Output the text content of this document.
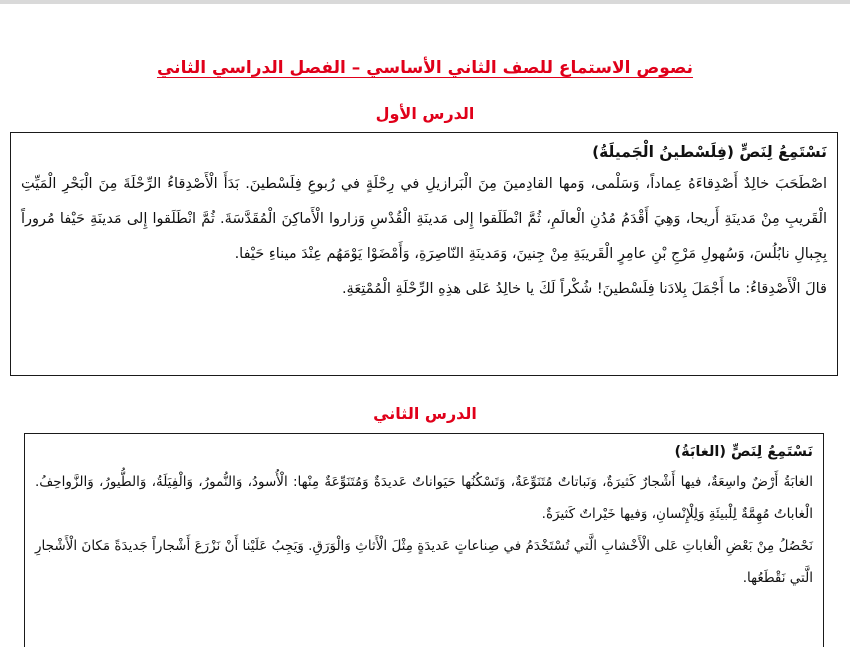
نصوص الاستماع للصف الثاني الأساسي – الفصل الدراسي الثاني
الدرس الأول
نَسْتَمِعُ لِنَصٍّ (فِلَسْطينُ الْجَميلَةُ)

اصْطَحَبَ خالِدٌ أَصْدِقاءَهُ عِماداً، وَسَلْمى، وَمها القادِمينَ مِنَ الْبَرازيلِ في رِحْلَةٍ في رُبوعِ فِلَسْطينَ. بَدَأَ الْأَصْدِقاءُ الرِّحْلَةَ مِنَ الْبَحْرِ الْمَيِّتِ الْقَريبِ مِنْ مَدينَةِ أَريحا، وَهِيَ أَقْدَمُ مُدُنِ الْعالَمِ، ثُمَّ انْطَلَقوا إِلى مَدينَةِ الْقُدْسِ وَزاروا الْأَماكِنَ الْمُقَدَّسَةَ. ثُمَّ انْطَلَقوا إِلى مَدينَةِ حَيْفا مُروراً بِجِبالِ نابُلُسَ، وَسُهولِ مَرْجِ بْنِ عامِرٍ الْقَريبَةِ مِنْ جِنينَ، وَمَدينَةِ النّاصِرَةِ، وَأَمْضَوْا يَوْمَهُم عِنْدَ ميناءِ حَيْفا.

قالَ الْأَصْدِقاءُ: ما أَجْمَلَ بِلادَنا فِلَسْطينَ! شُكْراً لَكَ يا خالِدُ عَلى هذِهِ الرِّحْلَةِ الْمُمْتِعَةِ.

الدرس الثاني
نَسْتَمِعُ لِنَصٍّ (الغابَةُ)

الغابَةُ أَرْضٌ واسِعَةٌ، فيها أَشْجارٌ كَثيرَةٌ، وَنَباتاتٌ مُتَنَوِّعَةٌ، وَتَسْكُنُها حَيَواناتٌ عَديدَةٌ وَمُتَنَوِّعَةٌ مِنْها: الْأُسودُ، وَالنُّمورُ، وَالْفِيَلَةُ، وَالطُّيورُ، وَالزَّواحِفُ. الْغاباتُ مُهِمَّةٌ لِلْبيئَةِ وَلِلْإِنْسانِ، وَفيها خَيْراتٌ كَثيرَةٌ.

نَحْصُلُ مِنْ بَعْضِ الْغاباتِ عَلى الْأَخْشابِ الَّتي تُسْتَخْدَمُ في صِناعاتٍ عَديدَةٍ مِثْلَ الْأَثاثِ وَالْوَرَقِ. وَيَجِبُ عَلَيْنا أَنْ نَزْرَعَ أَشْجاراً جَديدَةً مَكانَ الْأَشْجارِ الَّتي نَقْطَعُها.
